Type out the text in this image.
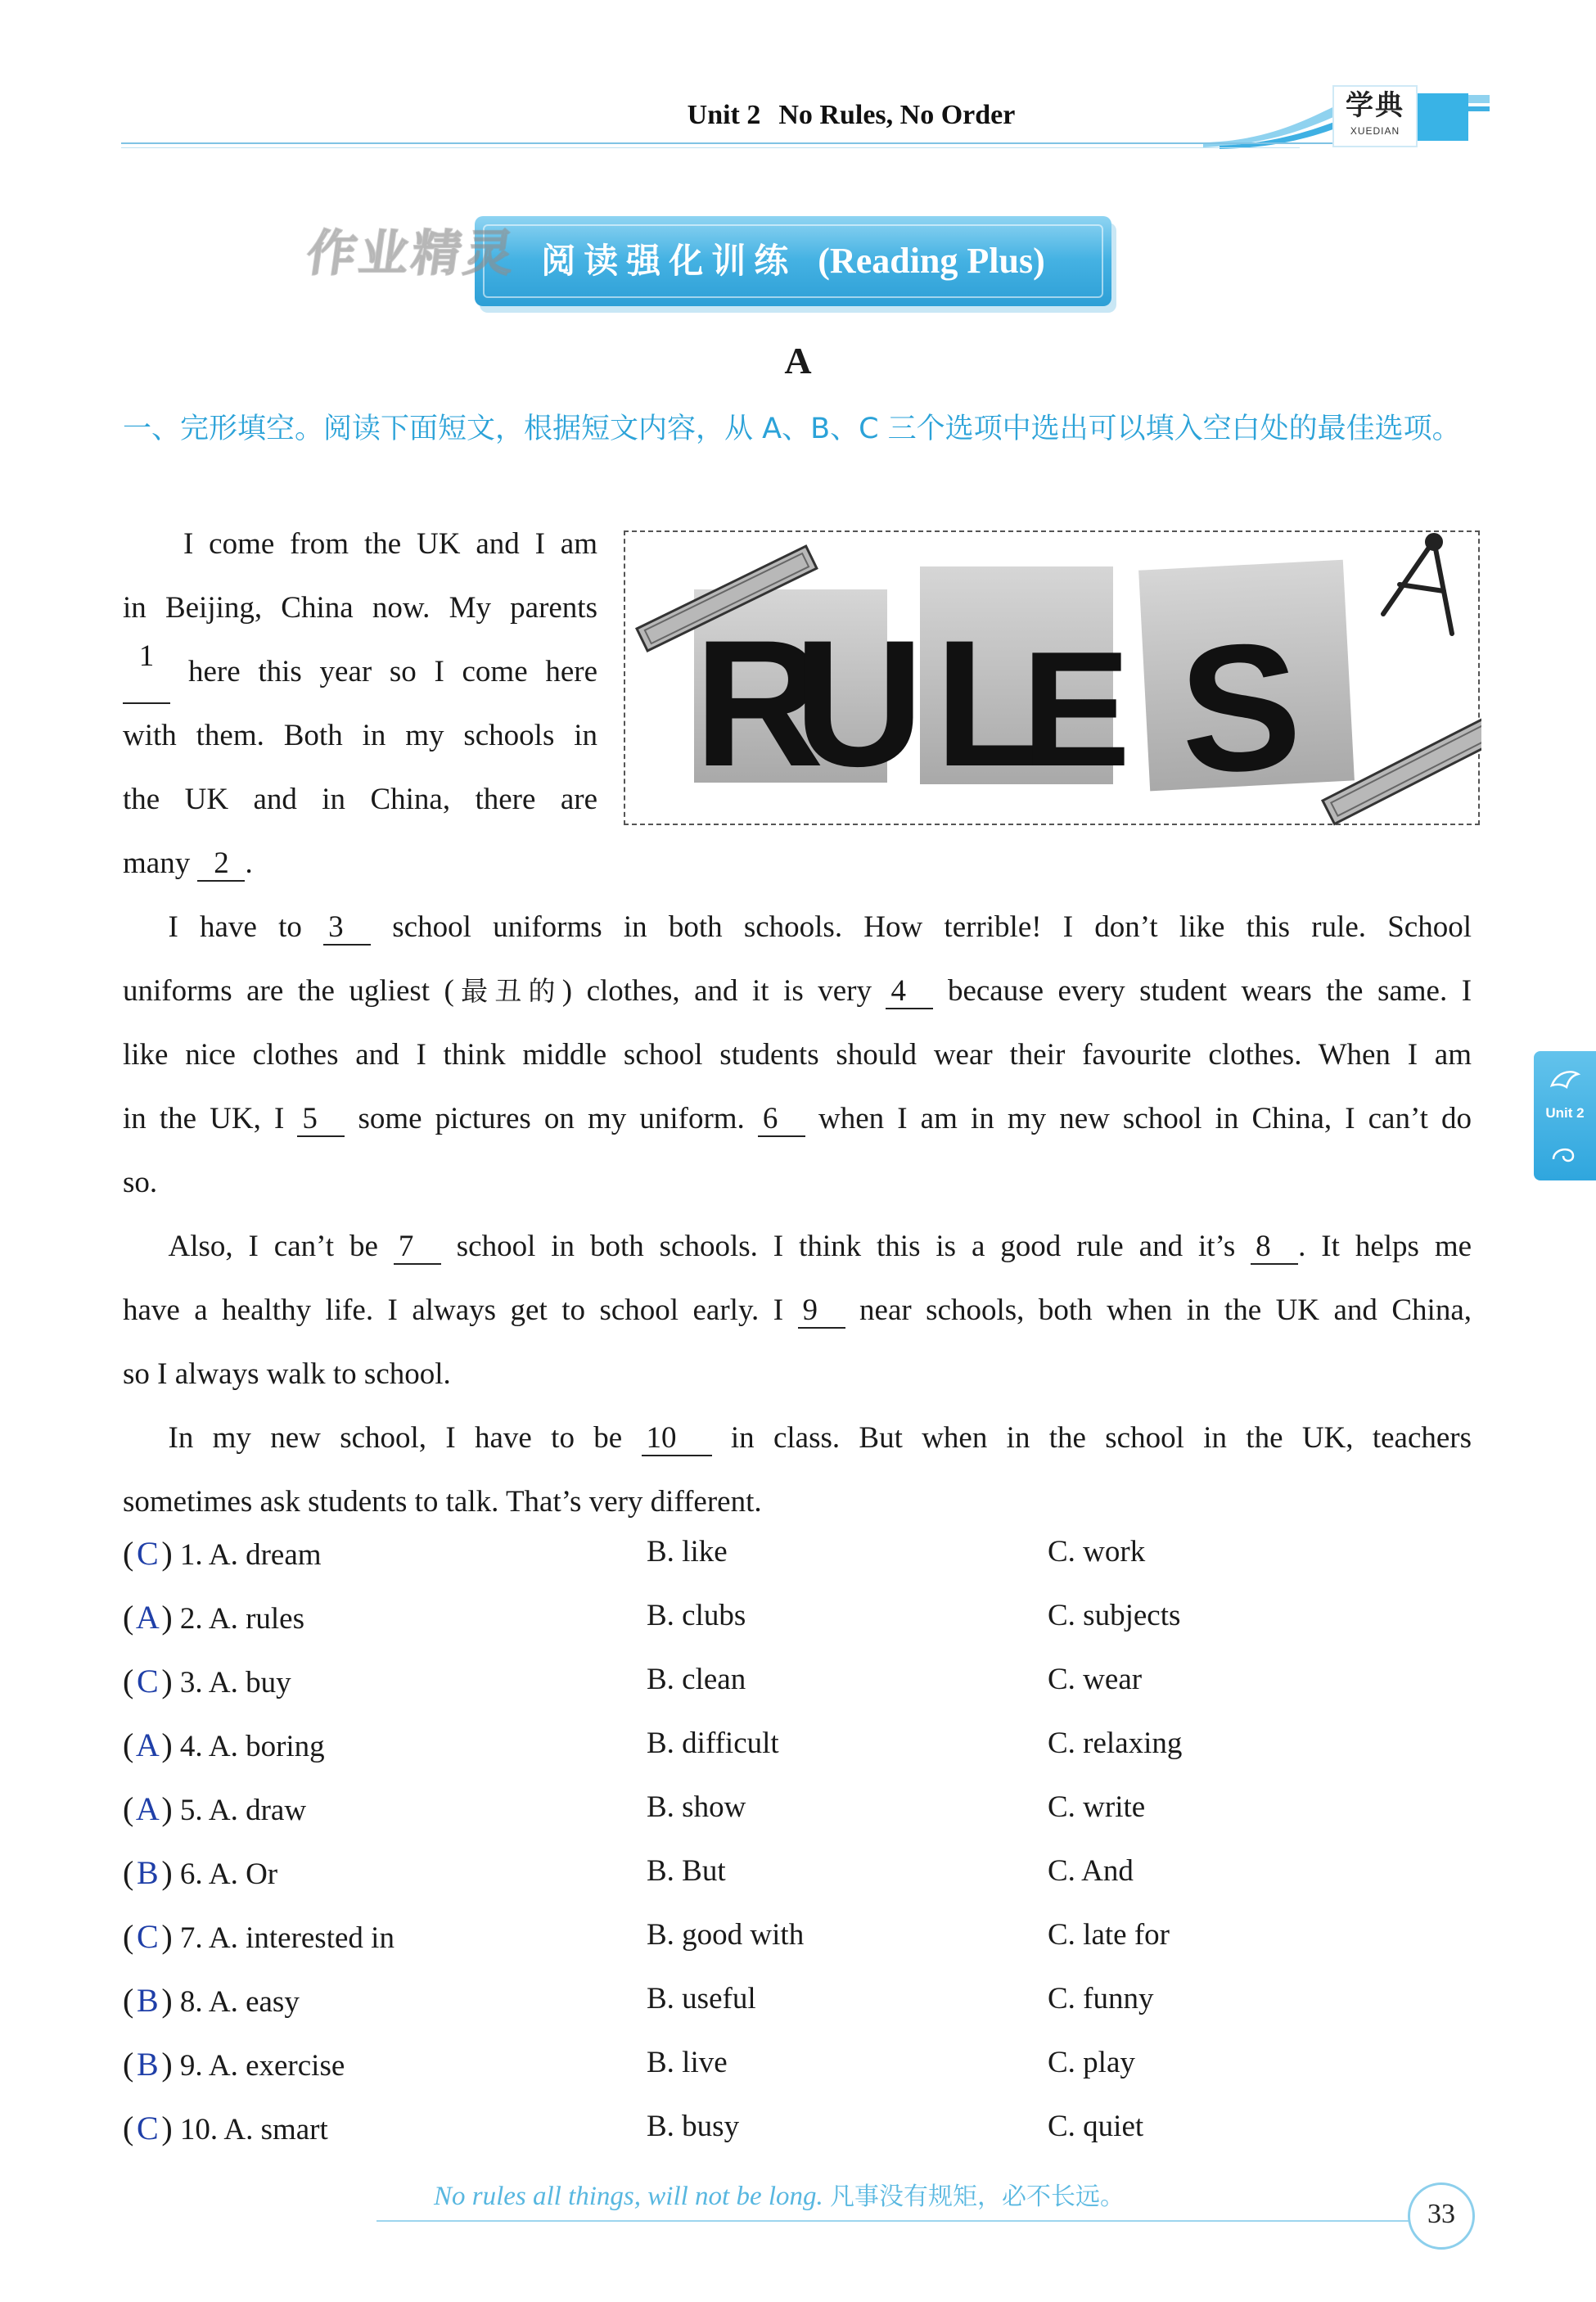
Unit 2 No Rules, No Order	学典
XUEDIAN
阅读强化训练 (Reading Plus)
作业精灵
A
一、完形填空。阅读下面短文，根据短文内容，从 A、B、C 三个选项中选出可以填入空白处的最佳选项。
I come from the UK and I am
in Beijing, China now. My parents
1	here this year so I come here
with them. Both in my schools in
the UK and in China, there are
many 2 .
R
U L
E S
  I have to 3 school uniforms in both schools. How terrible! I don’t like this rule. School
uniforms are the ugliest (最丑的) clothes, and it is very 4 because every student wears the same. I
like nice clothes and I think middle school students should wear their favourite clothes. When I am
in the UK, I 5 some pictures on my uniform. 6 when I am in my new school in China, I can’t do
so.
  Also, I can’t be 7 school in both schools. I think this is a good rule and it’s 8 . It helps me
have a healthy life. I always get to school early. I 9 near schools, both when in the UK and China,
so I always walk to school.
  In my new school, I have to be 10 in class. But when in the school in the UK, teachers
sometimes ask students to talk. That’s very different.
(C) 1. A. dream	B. like	C. work
(A) 2. A. rules	B. clubs	C. subjects
(C) 3. A. buy	B. clean	C. wear
(A) 4. A. boring	B. difficult	C. relaxing
(A) 5. A. draw	B. show	C. write
(B) 6. A. Or	B. But	C. And
(C) 7. A. interested in	B. good with	C. late for
(B) 8. A. easy	B. useful	C. funny
(B) 9. A. exercise	B. live	C. play
(C) 10. A. smart	B. busy	C. quiet
Unit 2
No rules all things, will not be long. 凡事没有规矩，必不长远。
33
